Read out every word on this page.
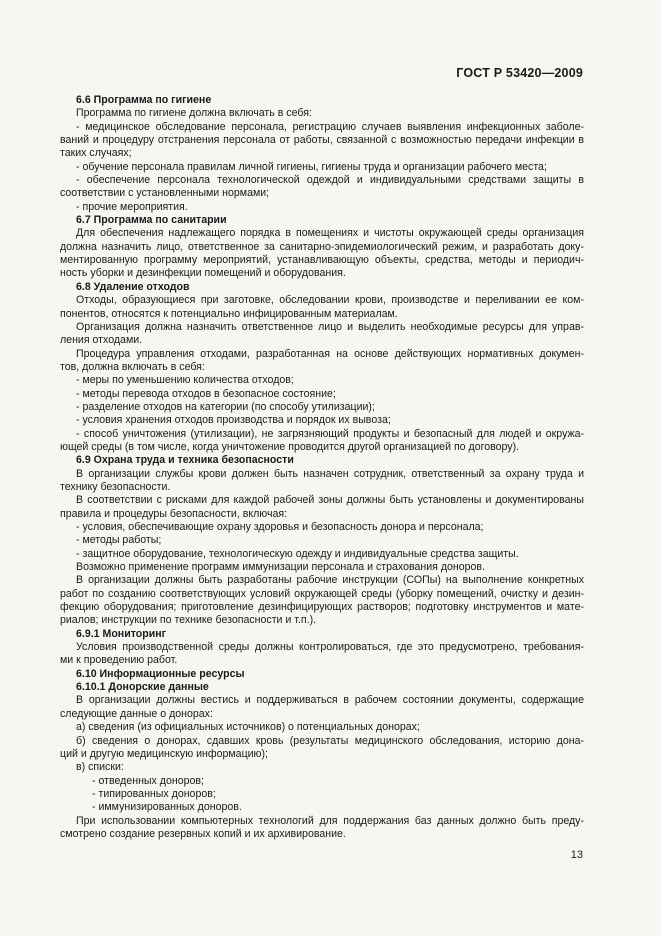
ГОСТ Р 53420—2009
6.6 Программа по гигиене
Программа по гигиене должна включать в себя:
- медицинское обследование персонала, регистрацию случаев выявления инфекционных заболе-
ваний и процедуру отстранения персонала от работы, связанной с возможностью передачи инфекции в
таких случаях;
- обучение персонала правилам личной гигиены, гигиены труда и организации рабочего места;
- обеспечение персонала технологической одеждой и индивидуальными средствами защиты в
соответствии с установленными нормами;
- прочие мероприятия.
6.7 Программа по санитарии
Для обеспечения надлежащего порядка в помещениях и чистоты окружающей среды организация
должна назначить лицо, ответственное за санитарно-эпидемиологический режим, и разработать доку-
ментированную программу мероприятий, устанавливающую объекты, средства, методы и периодич-
ность уборки и дезинфекции помещений и оборудования.
6.8 Удаление отходов
Отходы, образующиеся при заготовке, обследовании крови, производстве и переливании ее ком-
понентов, относятся к потенциально инфицированным материалам.
Организация должна назначить ответственное лицо и выделить необходимые ресурсы для управ-
ления отходами.
Процедура управления отходами, разработанная на основе действующих нормативных докумен-
тов, должна включать в себя:
- меры по уменьшению количества отходов;
- методы перевода отходов в безопасное состояние;
- разделение отходов на категории (по способу утилизации);
- условия хранения отходов производства и порядок их вывоза;
- способ уничтожения (утилизации), не загрязняющий продукты и безопасный для людей и окружа-
ющей среды (в том числе, когда уничтожение проводится другой организацией по договору).
6.9 Охрана труда и техника безопасности
В организации службы крови должен быть назначен сотрудник, ответственный за охрану труда и
технику безопасности.
В соответствии с рисками для каждой рабочей зоны должны быть установлены и документированы
правила и процедуры безопасности, включая:
- условия, обеспечивающие охрану здоровья и безопасность донора и персонала;
- методы работы;
- защитное оборудование, технологическую одежду и индивидуальные средства защиты.
Возможно применение программ иммунизации персонала и страхования доноров.
В организации должны быть разработаны рабочие инструкции (СОПы) на выполнение конкретных
работ по созданию соответствующих условий окружающей среды (уборку помещений, очистку и дезин-
фекцию оборудования; приготовление дезинфицирующих растворов; подготовку инструментов и мате-
риалов; инструкции по технике безопасности и т.п.).
6.9.1 Мониторинг
Условия производственной среды должны контролироваться, где это предусмотрено, требования-
ми к проведению работ.
6.10 Информационные ресурсы
6.10.1 Донорские данные
В организации должны вестись и поддерживаться в рабочем состоянии документы, содержащие
следующие данные о донорах:
а) сведения (из официальных источников) о потенциальных донорах;
б) сведения о донорах, сдавших кровь (результаты медицинского обследования, историю дона-
ций и другую медицинскую информацию);
в) списки:
- отведенных доноров;
- типированных доноров;
- иммунизированных доноров.
При использовании компьютерных технологий для поддержания баз данных должно быть преду-
смотрено создание резервных копий и их архивирование.
13
